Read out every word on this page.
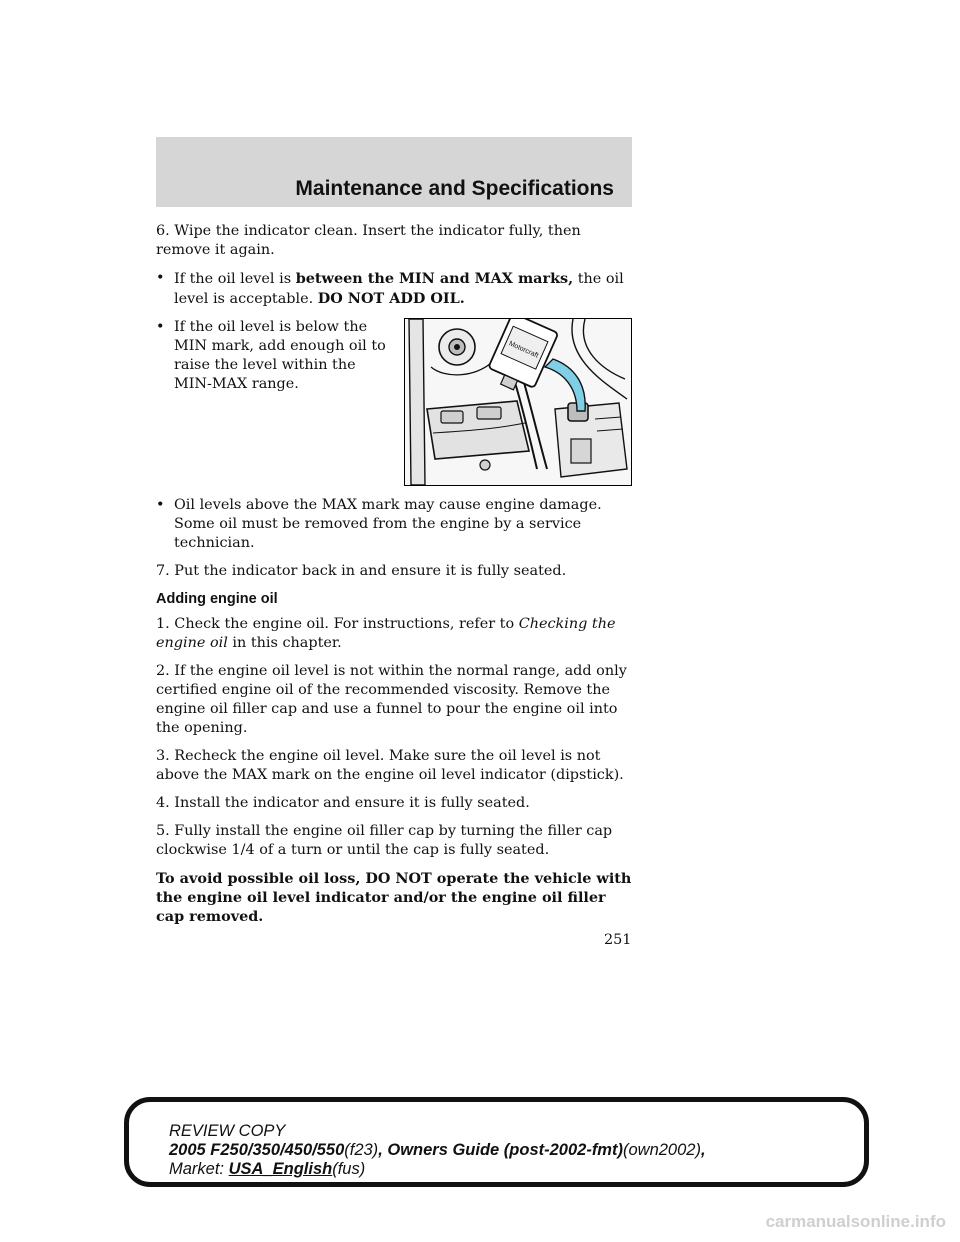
Maintenance and Specifications

6. Wipe the indicator clean. Insert the indicator fully, then remove it again.

• If the oil level is between the MIN and MAX marks, the oil level is acceptable. DO NOT ADD OIL.
• If the oil level is below the MIN mark, add enough oil to raise the level within the MIN-MAX range.
Motorcraft
• Oil levels above the MAX mark may cause engine damage. Some oil must be removed from the engine by a service technician.

7. Put the indicator back in and ensure it is fully seated.

Adding engine oil

1. Check the engine oil. For instructions, refer to Checking the engine oil in this chapter.

2. If the engine oil level is not within the normal range, add only certified engine oil of the recommended viscosity. Remove the engine oil filler cap and use a funnel to pour the engine oil into the opening.

3. Recheck the engine oil level. Make sure the oil level is not above the MAX mark on the engine oil level indicator (dipstick).

4. Install the indicator and ensure it is fully seated.

5. Fully install the engine oil filler cap by turning the filler cap clockwise 1/4 of a turn or until the cap is fully seated.

To avoid possible oil loss, DO NOT operate the vehicle with the engine oil level indicator and/or the engine oil filler cap removed.

251
REVIEW COPY
2005 F250/350/450/550(f23), Owners Guide (post-2002-fmt)(own2002),
Market: USA_English(fus)
carmanualsonline.info
